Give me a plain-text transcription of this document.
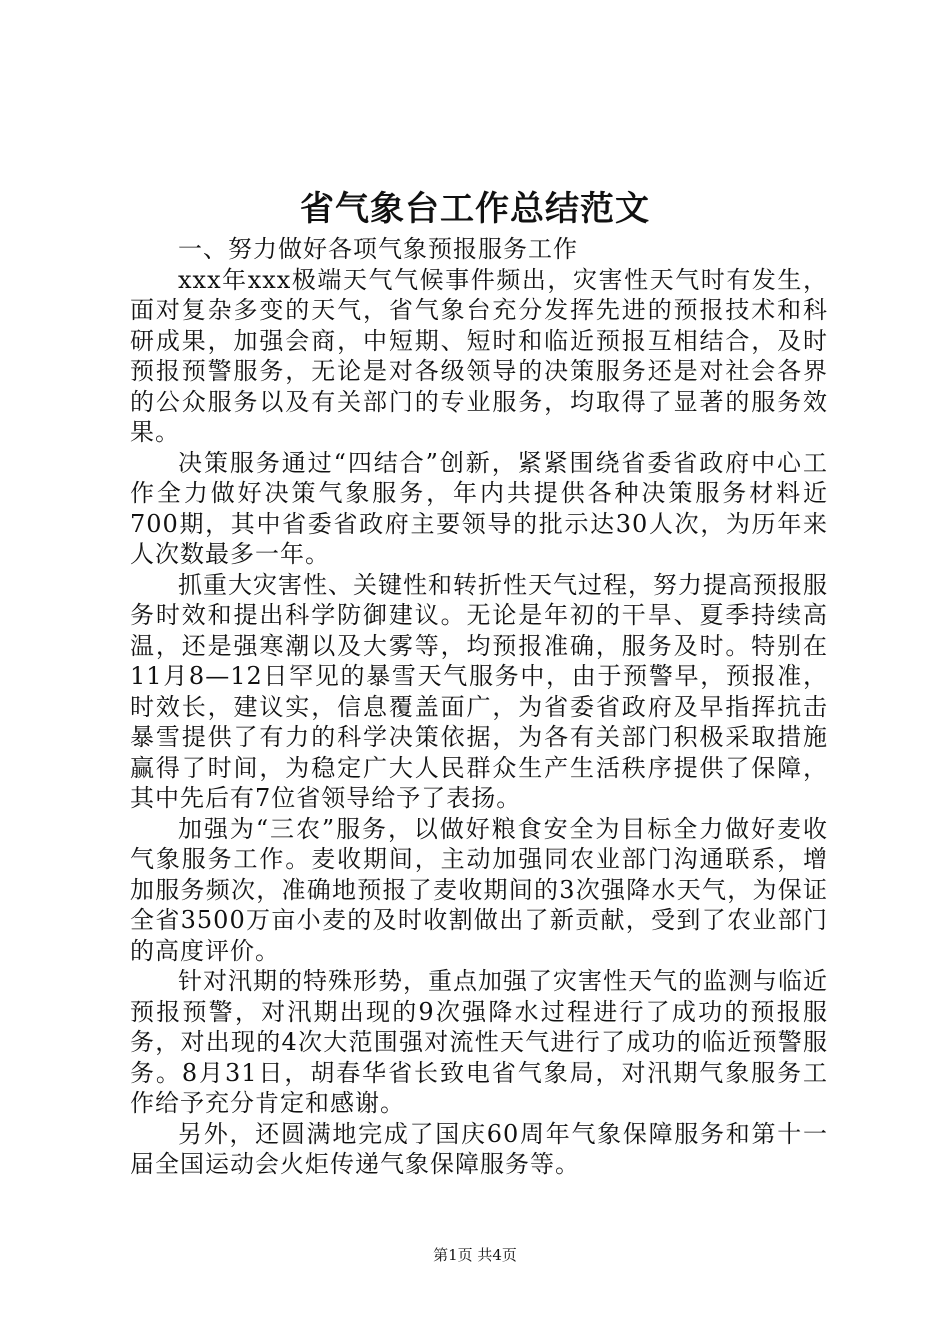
省气象台工作总结范文

一、努力做好各项气象预报服务工作

xxx年xxx极端天气气候事件频出，灾害性天气时有发生，面对复杂多变的天气，省气象台充分发挥先进的预报技术和科研成果，加强会商，中短期、短时和临近预报互相结合，及时预报预警服务，无论是对各级领导的决策服务还是对社会各界的公众服务以及有关部门的专业服务，均取得了显著的服务效果。

决策服务通过“四结合”创新，紧紧围绕省委省政府中心工作全力做好决策气象服务，年内共提供各种决策服务材料近700期，其中省委省政府主要领导的批示达30人次，为历年来人次数最多一年。

抓重大灾害性、关键性和转折性天气过程，努力提高预报服务时效和提出科学防御建议。无论是年初的干旱、夏季持续高温，还是强寒潮以及大雾等，均预报准确，服务及时。特别在11月8—12日罕见的暴雪天气服务中，由于预警早，预报准，时效长，建议实，信息覆盖面广，为省委省政府及早指挥抗击暴雪提供了有力的科学决策依据，为各有关部门积极采取措施赢得了时间，为稳定广大人民群众生产生活秩序提供了保障，其中先后有7位省领导给予了表扬。

加强为“三农”服务，以做好粮食安全为目标全力做好麦收气象服务工作。麦收期间，主动加强同农业部门沟通联系，增加服务频次，准确地预报了麦收期间的3次强降水天气，为保证全省3500万亩小麦的及时收割做出了新贡献，受到了农业部门的高度评价。

针对汛期的特殊形势，重点加强了灾害性天气的监测与临近预报预警，对汛期出现的9次强降水过程进行了成功的预报服务，对出现的4次大范围强对流性天气进行了成功的临近预警服务。8月31日，胡春华省长致电省气象局，对汛期气象服务工作给予充分肯定和感谢。

另外，还圆满地完成了国庆60周年气象保障服务和第十一届全国运动会火炬传递气象保障服务等。

第1页 共4页
